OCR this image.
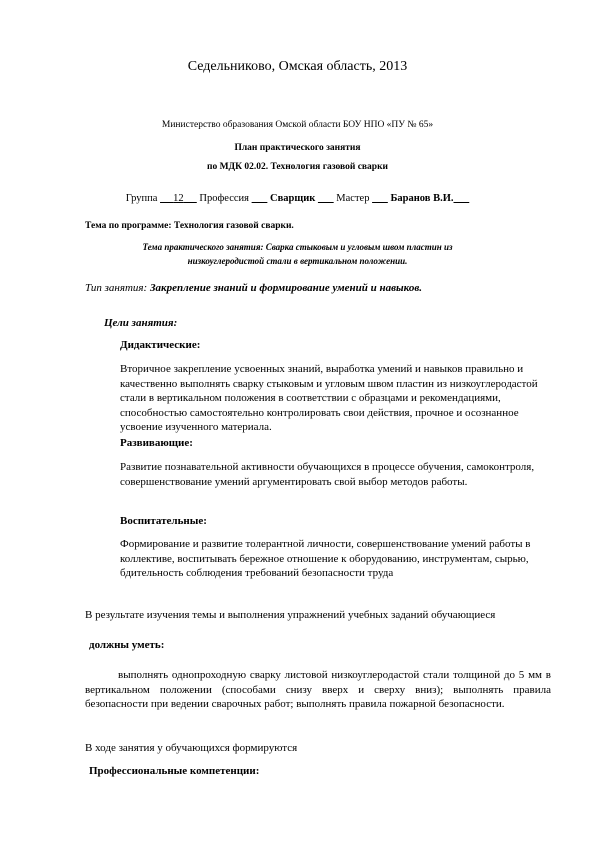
Седельниково, Омская область, 2013
Министерство образования Омской области БОУ НПО «ПУ № 65»
План практического занятия
по МДК 02.02. Технология газовой сварки
Группа 12 Профессия Сварщик Мастер Баранов В.И.
Тема по программе: Технология газовой сварки.
Тема практического занятия: Сварка стыковым и угловым швом пластин из
низкоуглеродистой стали в вертикальном положении.
Тип занятия: Закрепление знаний и формирование умений и навыков.
Цели занятия:
Дидактические:
Вторичное закрепление усвоенных знаний, выработка умений и навыков правильно и качественно выполнять сварку стыковым и угловым швом пластин из низкоуглеродастой стали в вертикальном положения в соответствии с образцами и рекомендациями, способностью самостоятельно контролировать свои действия, прочное и осознанное усвоение изученного материала.
Развивающие:
Развитие познавательной активности обучающихся в процессе обучения, самоконтроля, совершенствование умений аргументировать свой выбор методов работы.
Воспитательные:
Формирование и развитие толерантной личности, совершенствование умений работы в коллективе, воспитывать бережное отношение к оборудованию, инструментам, сырью, бдительность соблюдения требований безопасности труда
В результате изучения темы и выполнения упражнений учебных заданий обучающиеся
должны уметь:
выполнять однопроходную сварку листовой низкоуглеродастой стали толщиной до 5 мм в вертикальном положении (способами снизу вверх и сверху вниз); выполнять правила безопасности при ведении сварочных работ; выполнять правила пожарной безопасности.
В ходе занятия у обучающихся формируются
Профессиональные компетенции:
